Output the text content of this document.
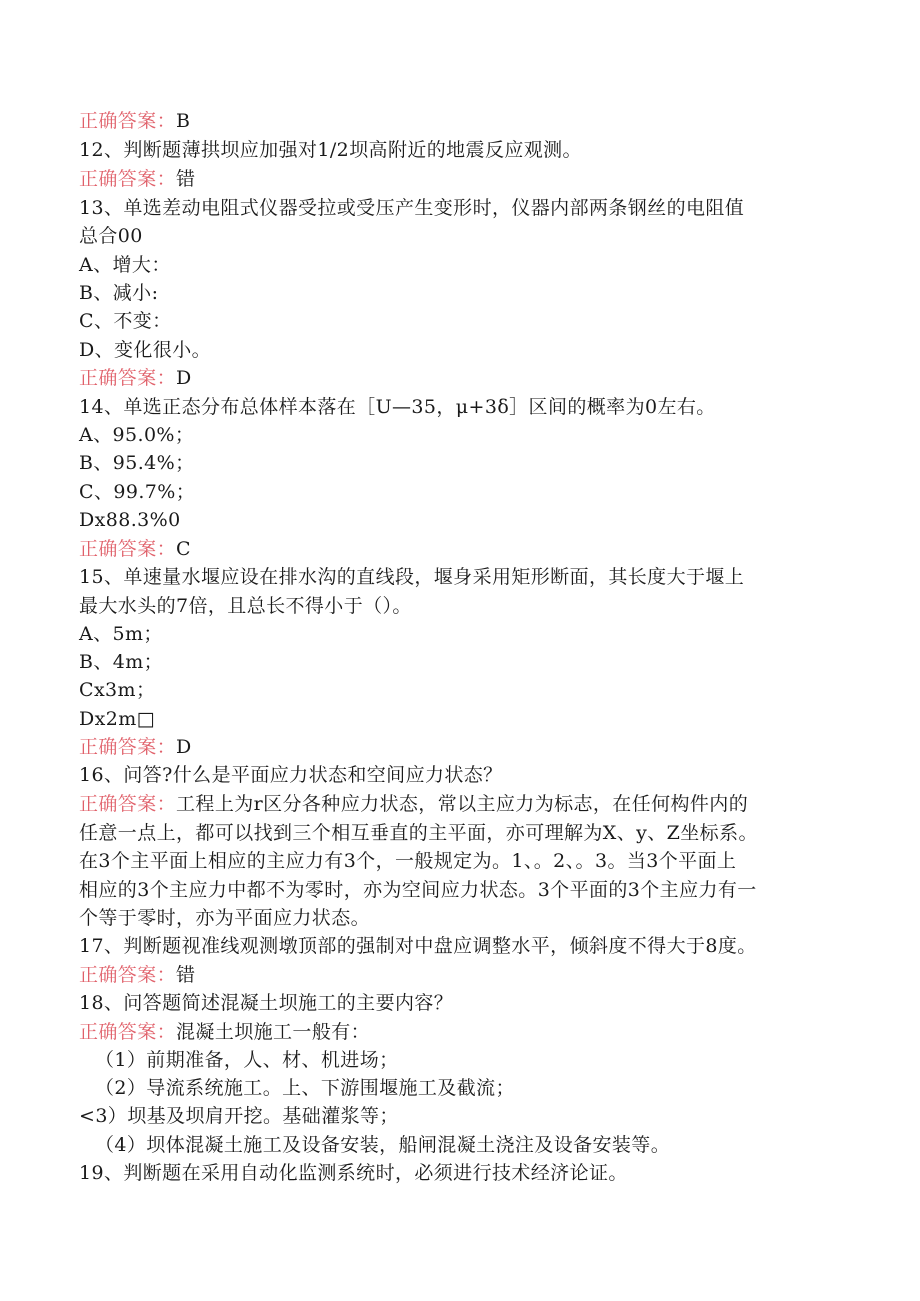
正确答案：B
12、判断题薄拱坝应加强对1/2坝高附近的地震反应观测。
正确答案：错
13、单选差动电阻式仪器受拉或受压产生变形时，仪器内部两条钢丝的电阻值
总合00
A、增大：
B、减小:
C、不变：
D、变化很小。
正确答案：D
14、单选正态分布总体样本落在［U—35，μ+3δ］区间的概率为0左右。
A、95.0%；
B、95.4%；
C、99.7%；
Dx88.3%0
正确答案：C
15、单速量水堰应设在排水沟的直线段，堰身采用矩形断面，其长度大于堰上
最大水头的7倍，且总长不得小于（）。
A、5m；
B、4m；
Cx3m；
Dx2m□
正确答案：D
16、问答?什么是平面应力状态和空间应力状态？
正确答案：工程上为r区分各种应力状态，常以主应力为标志，在任何构件内的
任意一点上，都可以找到三个相互垂直的主平面，亦可理解为X、y、Z坐标系。
在3个主平面上相应的主应力有3个，一般规定为。1、。2、。3。当3个平面上
相应的3个主应力中都不为零时，亦为空间应力状态。3个平面的3个主应力有一
个等于零时，亦为平面应力状态。
17、判断题视准线观测墩顶部的强制对中盘应调整水平，倾斜度不得大于8度。
正确答案：错
18、问答题简述混凝土坝施工的主要内容？
正确答案：混凝土坝施工一般有：
（1）前期准备，人、材、机进场；
（2）导流系统施工。上、下游围堰施工及截流；
<3）坝基及坝肩开挖。基础灌浆等；
（4）坝体混凝土施工及设备安装，船闸混凝土浇注及设备安装等。
19、判断题在采用自动化监测系统时，必须进行技术经济论证。
